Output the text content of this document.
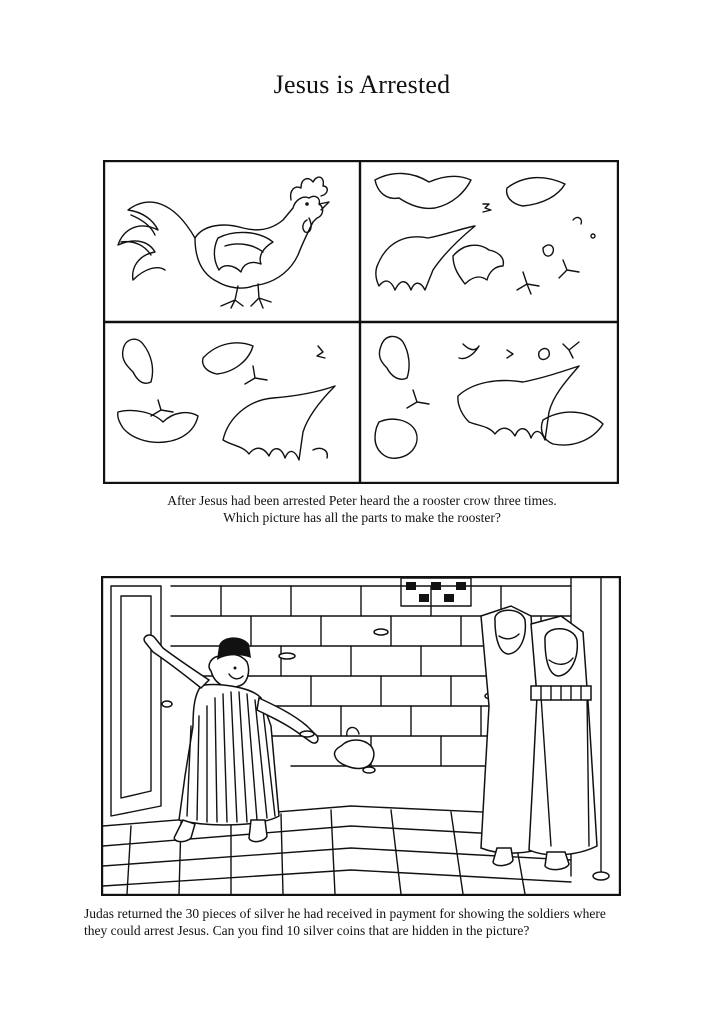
Jesus is Arrested
After Jesus had been arrested Peter heard the a rooster crow three times.
Which picture has all the parts to make the rooster?
Judas returned the 30 pieces of silver he had received in payment for showing the soldiers where
they could arrest Jesus. Can you find 10 silver coins that are hidden in the picture?
